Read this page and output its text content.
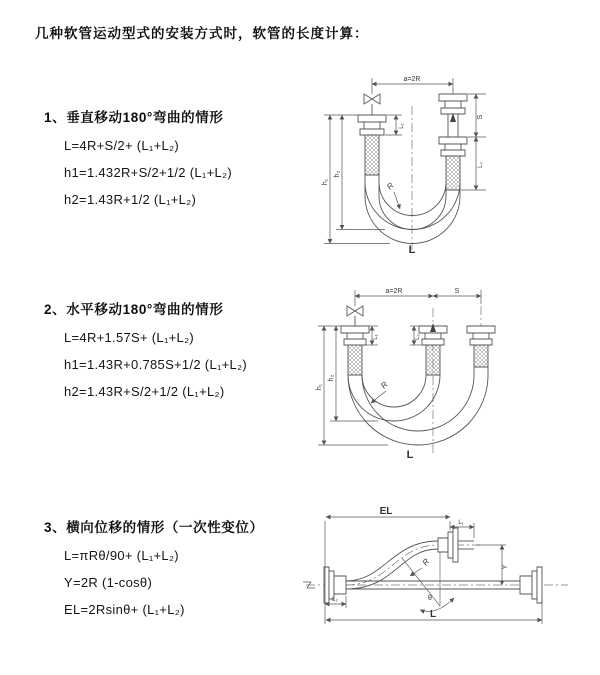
几种软管运动型式的安装方式时，软管的长度计算：
1、垂直移动180°弯曲的情形
L=4R+S/2+ (L₁+L₂)
h1=1.432R+S/2+1/2 (L₁+L₂)
h2=1.43R+1/2 (L₁+L₂)
2、水平移动180°弯曲的情形
L=4R+1.57S+ (L₁+L₂)
h1=1.43R+0.785S+1/2 (L₁+L₂)
h2=1.43R+S/2+1/2 (L₁+L₂)
3、横向位移的情形（一次性变位）
L=πRθ/90+ (L₁+L₂)
Y=2R (1-cosθ)
EL=2Rsinθ+ (L₁+L₂)
a=2R
h₁
h₂
L₁
S
L₂
R
L
a=2R	S
h₁
h₂
L₁	L₂
R
L
EL
L₁
Y
L
L₂
R
θ
